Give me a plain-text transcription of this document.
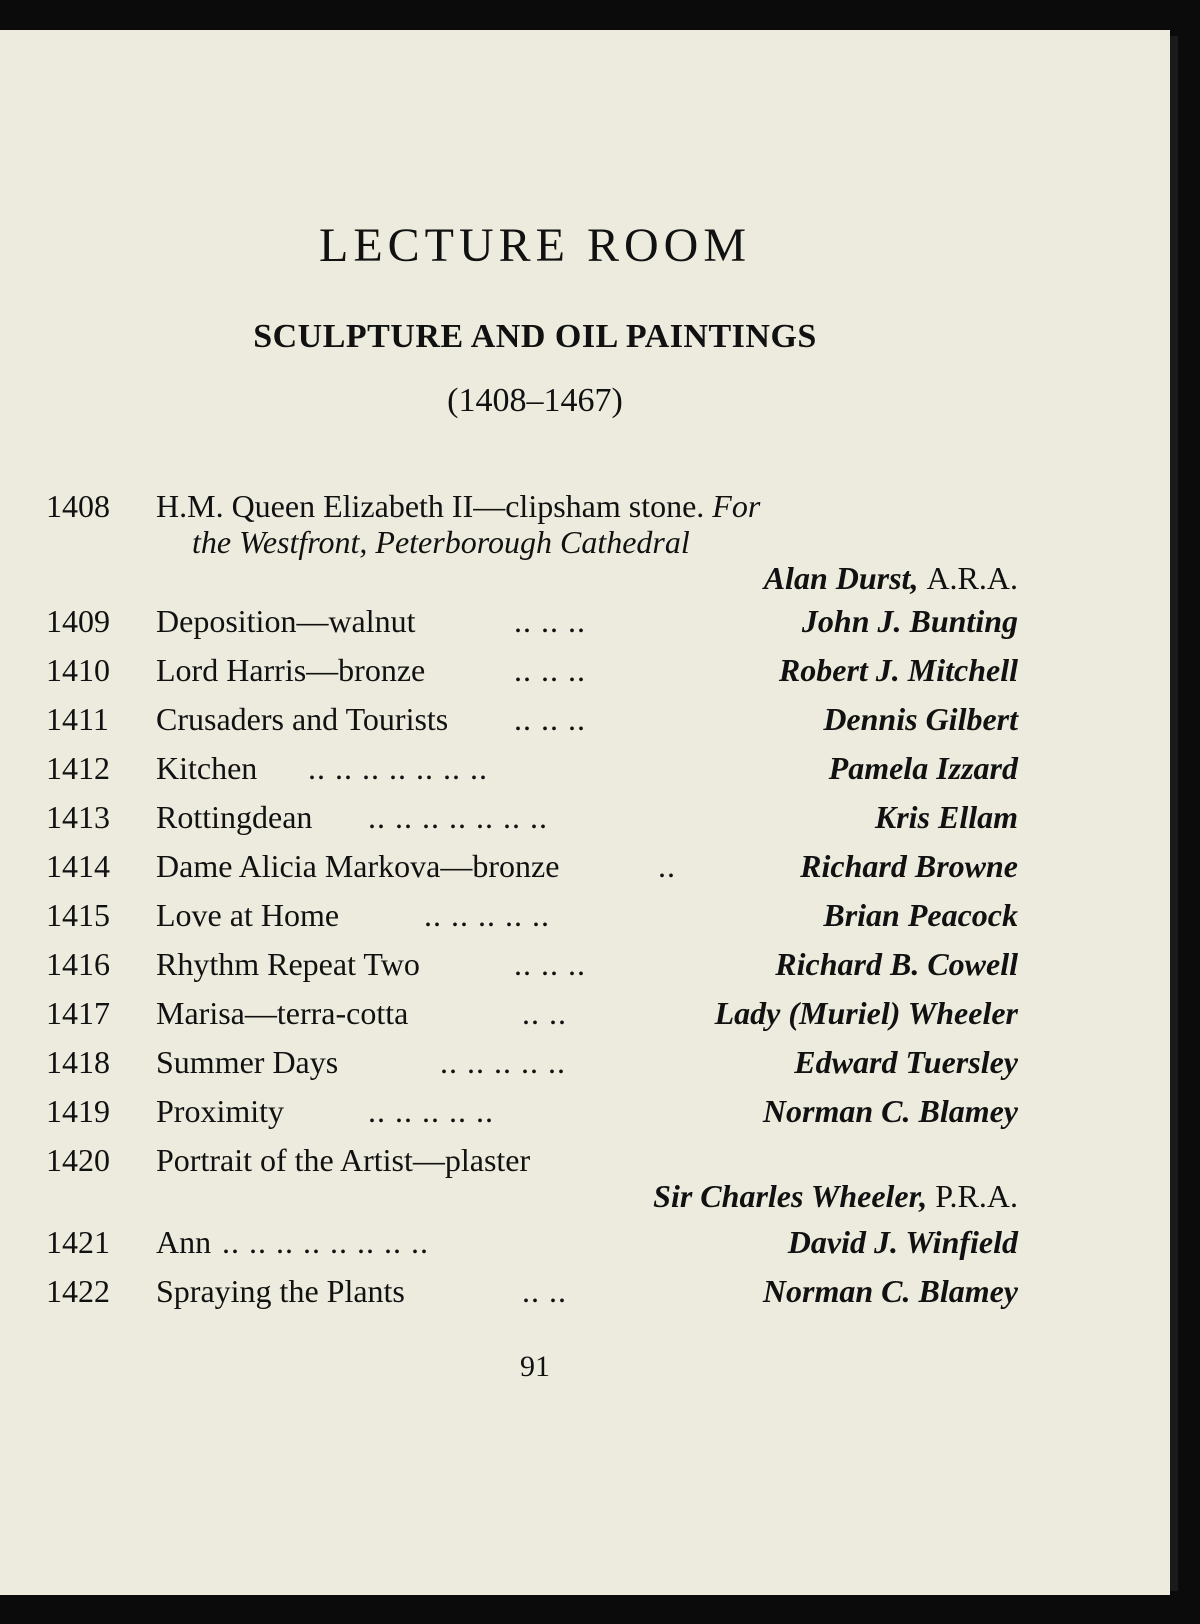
LECTURE ROOM
SCULPTURE AND OIL PAINTINGS
(1408–1467)
1408	H.M. Queen Elizabeth II—clipsham stone. For
the Westfront, Peterborough Cathedral
Alan Durst, A.R.A.
1409	Deposition—walnut	.. .. ..	John J. Bunting
1410	Lord Harris—bronze	.. .. ..	Robert J. Mitchell
1411	Crusaders and Tourists .. .. ..	Dennis Gilbert
1412	Kitchen .. .. .. .. .. .. ..	Pamela Izzard
1413	Rottingdean .. .. .. .. .. .. ..	Kris Ellam
1414	Dame Alicia Markova—bronze	..	Richard Browne
1415	Love at Home	.. .. .. .. ..	Brian Peacock
1416	Rhythm Repeat Two	.. .. ..	Richard B. Cowell
1417	Marisa—terra-cotta	.. ..	Lady (Muriel) Wheeler
1418	Summer Days	.. .. .. .. ..	Edward Tuersley
1419	Proximity	.. .. .. .. ..	Norman C. Blamey
1420	Portrait of the Artist—plaster
Sir Charles Wheeler, P.R.A.
1421	Ann .. .. .. .. .. .. .. ..	David J. Winfield
1422	Spraying the Plants	.. ..	Norman C. Blamey
91
